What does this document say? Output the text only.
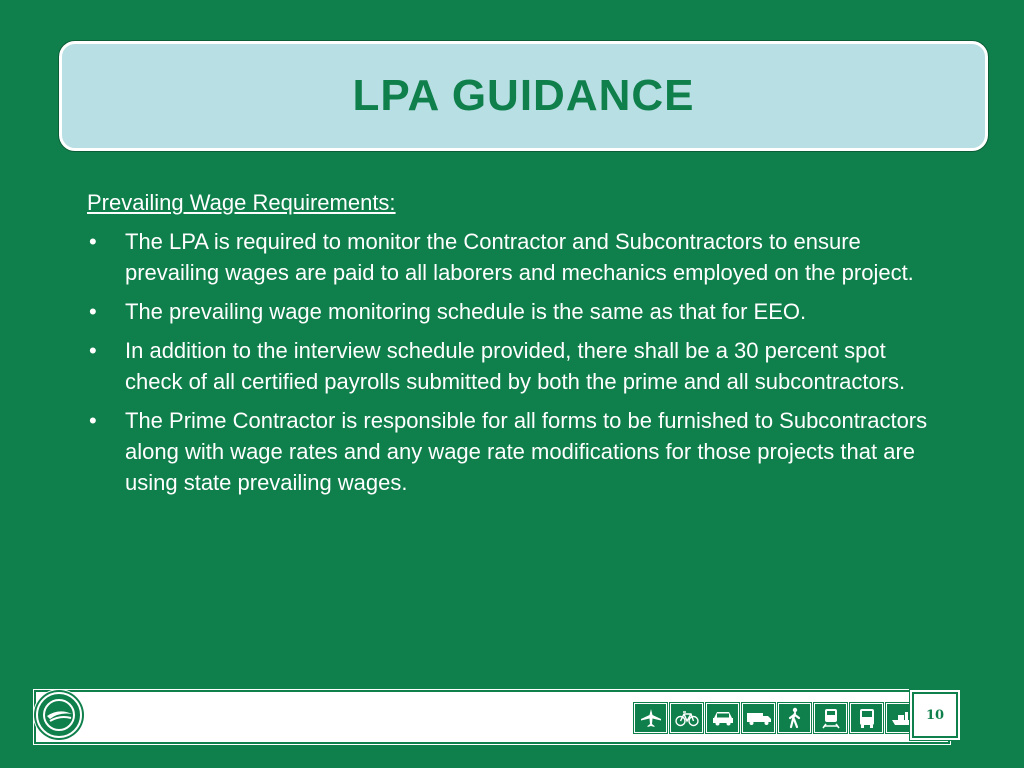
LPA GUIDANCE

Prevailing Wage Requirements:

• The LPA is required to monitor the Contractor and Subcontractors to ensure prevailing wages are paid to all laborers and mechanics employed on the project.
• The prevailing wage monitoring schedule is the same as that for EEO.
• In addition to the interview schedule provided, there shall be a 30 percent spot check of all certified payrolls submitted by both the prime and all subcontractors.
• The Prime Contractor is responsible for all forms to be furnished to Subcontractors along with wage rates and any wage rate modifications for those projects that are using state prevailing wages.
10
